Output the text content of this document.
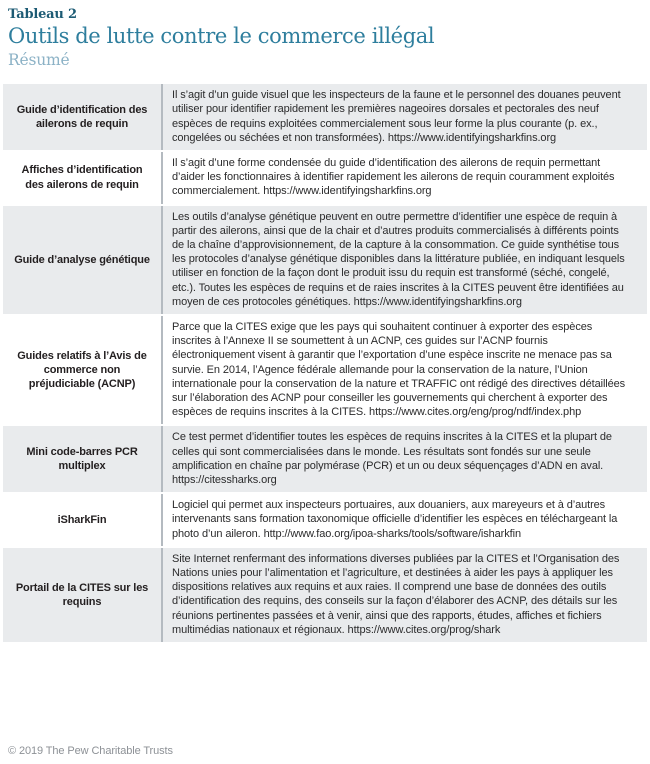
Tableau 2
Outils de lutte contre le commerce illégal
Résumé
Guide d’identification des ailerons de requin
Il s’agit d’un guide visuel que les inspecteurs de la faune et le personnel des douanes peuvent utiliser pour identifier rapidement les premières nageoires dorsales et pectorales des neuf espèces de requins exploitées commercialement sous leur forme la plus courante (p. ex., congelées ou séchées et non transformées). https://www.identifyingsharkfins.org
Affiches d’identification des ailerons de requin
Il s’agit d’une forme condensée du guide d’identification des ailerons de requin permettant d’aider les fonctionnaires à identifier rapidement les ailerons de requin couramment exploités commercialement. https://www.identifyingsharkfins.org
Guide d’analyse génétique
Les outils d’analyse génétique peuvent en outre permettre d’identifier une espèce de requin à partir des ailerons, ainsi que de la chair et d’autres produits commercialisés à différents points de la chaîne d’approvisionnement, de la capture à la consommation. Ce guide synthétise tous les protocoles d’analyse génétique disponibles dans la littérature publiée, en indiquant lesquels utiliser en fonction de la façon dont le produit issu du requin est transformé (séché, congelé, etc.). Toutes les espèces de requins et de raies inscrites à la CITES peuvent être identifiées au moyen de ces protocoles génétiques. https://www.identifyingsharkfins.org
Guides relatifs à l’Avis de commerce non préjudiciable (ACNP)
Parce que la CITES exige que les pays qui souhaitent continuer à exporter des espèces inscrites à l’Annexe II se soumettent à un ACNP, ces guides sur l’ACNP fournis électroniquement visent à garantir que l’exportation d’une espèce inscrite ne menace pas sa survie. En 2014, l’Agence fédérale allemande pour la conservation de la nature, l’Union internationale pour la conservation de la nature et TRAFFIC ont rédigé des directives détaillées sur l’élaboration des ACNP pour conseiller les gouvernements qui cherchent à exporter des espèces de requins inscrites à la CITES. https://www.cites.org/eng/prog/ndf/index.php
Mini code-barres PCR multiplex
Ce test permet d’identifier toutes les espèces de requins inscrites à la CITES et la plupart de celles qui sont commercialisées dans le monde. Les résultats sont fondés sur une seule amplification en chaîne par polymérase (PCR) et un ou deux séquençages d’ADN en aval. https://citessharks.org
iSharkFin
Logiciel qui permet aux inspecteurs portuaires, aux douaniers, aux mareyeurs et à d’autres intervenants sans formation taxonomique officielle d’identifier les espèces en téléchargeant la photo d’un aileron. http://www.fao.org/ipoa-sharks/tools/software/isharkfin
Portail de la CITES sur les requins
Site Internet renfermant des informations diverses publiées par la CITES et l’Organisation des Nations unies pour l’alimentation et l’agriculture, et destinées à aider les pays à appliquer les dispositions relatives aux requins et aux raies. Il comprend une base de données des outils d’identification des requins, des conseils sur la façon d’élaborer des ACNP, des détails sur les réunions pertinentes passées et à venir, ainsi que des rapports, études, affiches et fichiers multimédias nationaux et régionaux. https://www.cites.org/prog/shark
© 2019 The Pew Charitable Trusts
